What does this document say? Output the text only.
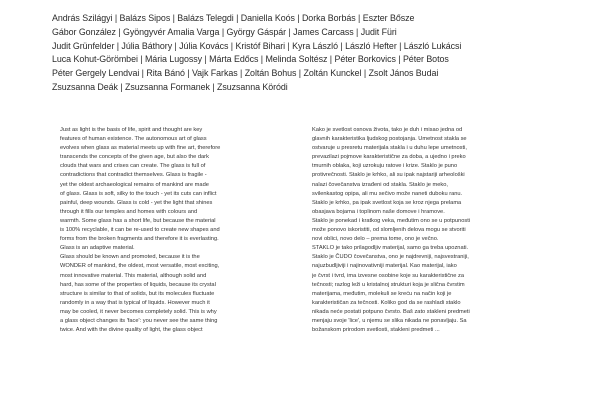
András Szilágyi | Balázs Sipos | Balázs Telegdi | Daniella Koós | Dorka Borbás | Eszter Bősze
Gábor González | Gyöngyvér Amalia Varga | György Gáspár | James Carcass | Judit Füri
Judit Grünfelder | Júlia Báthory | Júlia Kovács | Kristóf Bihari | Kyra László | László Hefter | László Lukácsi
Luca Kohut-Görömbei | Mária Lugossy | Márta Edőcs | Melinda Soltész | Péter Borkovics | Péter Botos
Péter Gergely Lendvai | Rita Bánó | Vajk Farkas | Zoltán Bohus | Zoltán Kunckel | Zsolt János Budai
Zsuzsanna Deák | Zsuzsanna Formanek | Zsuzsanna Köródi
Just as light is the basis of life, spirit and thought are key
features of human existence. The autonomous art of glass
evolves when glass as material meets up with fine art, therefore
transcends the concepts of the given age, but also the dark
clouds that wars and crises can create. The glass is full of
contradictions that contradict themselves. Glass is fragile -
yet the oldest archaeological remains of mankind are made
of glass. Glass is soft, silky to the touch - yet its cuts can inflict
painful, deep wounds. Glass is cold - yet the light that shines
through it fills our temples and homes with colours and
warmth. Some glass has a short life, but because the material
is 100% recyclable, it can be re-used to create new shapes and
forms from the broken fragments and therefore it is everlasting.
Glass is an adaptive material.
Glass should be known and promoted, because it is the
WONDER of mankind, the oldest, most versatile, most exciting,
most innovative material. This material, although solid and
hard, has some of the properties of liquids, because its crystal
structure is similar to that of solids, but its molecules fluctuate
randomly in a way that is typical of liquids. However much it
may be cooled, it never becomes completely solid. This is why
a glass object changes its 'face': you never see the same thing
twice. And with the divine quality of light, the glass object
Kako je svetlost osnova života, tako je duh i misao jedna od
glavnih karakteristika ljudskog postojanja. Umetnost stakla se
ostvaruje u presretu materijala stakla i u duhu lepe umetnosti,
prevazilazi pojmove karakteristične za doba, a ujedno i preko
tmurnih oblaka, koji uzrokuju ratove i krize. Staklo je puno
protivrečnosti. Staklo je krhko, ali su ipak najstariji arheološki
nalazi čovečanstva izrađeni od stakla. Staklo je meko,
svilenkastog opipa, ali mu sečivo može naneti duboku ranu.
Staklo je krhko, pa ipak svetlost koja se kroz njega prelama
obasjava bojama i toplinom naše domove i hramove.
Staklo je ponekad i kratkog veka, međutim ono se u potpunosti
može ponovo iskoristiti, od slomljenih delova mogu se stvoriti
novi oblici, novo delo – prema tome, ono je večno.
STAKLO je tako prilagodljiv materijal, samo ga treba upoznati.
Staklo je ČUDO čovečanstva, ono je najdrevniji, najsvestraniji,
najuzbudljiviji i najinovativniji materijal. Kao materijal, iako
je čvrst i tvrd, ima izvesne osobine koje su karakteristične za
tečnosti; razlog leži u kristalnoj strukturi koja je slična čvrstim
materijama, međutim, molekuli se kreću na način koji je
karakterističan za tečnosti. Koliko god da se rashladi staklo
nikada neće postati potpuno čvrsto. Baš zato stakleni predmeti
menjaju svoje 'lice', u njemu se slika nikada ne ponavljaju. Sa
božanskom prirodom svetlosti, stakleni predmeti ...
